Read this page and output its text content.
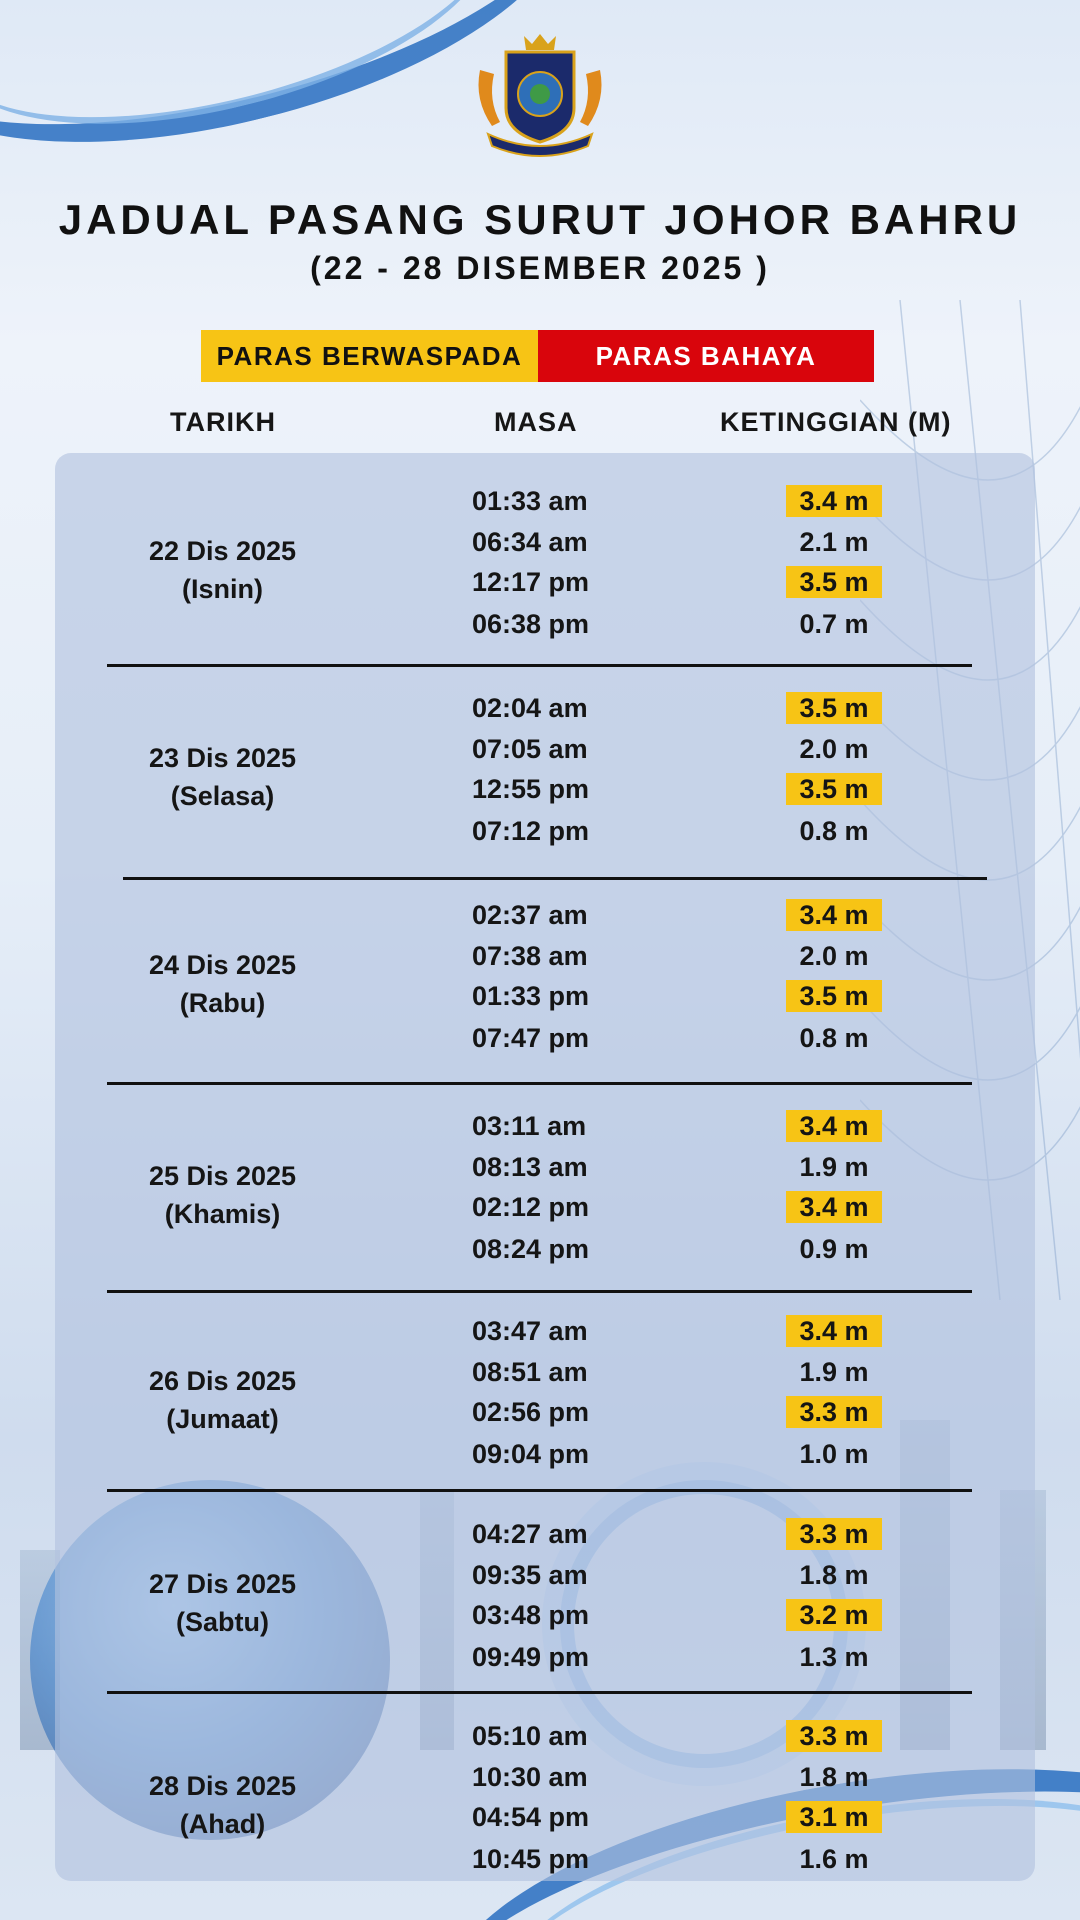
JADUAL PASANG SURUT JOHOR BAHRU
(22 - 28 DISEMBER 2025 )
PARAS BERWASPADA	PARAS BAHAYA
TARIKH	MASA	KETINGGIAN (M)
22 Dis 2025
(Isnin)
01:33 am	3.4 m
06:34 am	2.1 m
12:17 pm	3.5 m
06:38 pm	0.7 m
23 Dis 2025
(Selasa)
02:04 am	3.5 m
07:05 am	2.0 m
12:55 pm	3.5 m
07:12 pm	0.8 m
24 Dis 2025
(Rabu)
02:37 am	3.4 m
07:38 am	2.0 m
01:33 pm	3.5 m
07:47 pm	0.8 m
25 Dis 2025
(Khamis)
03:11 am	3.4 m
08:13 am	1.9 m
02:12 pm	3.4 m
08:24 pm	0.9 m
26 Dis 2025
(Jumaat)
03:47 am	3.4 m
08:51 am	1.9 m
02:56 pm	3.3 m
09:04 pm	1.0 m
27 Dis 2025
(Sabtu)
04:27 am	3.3 m
09:35 am	1.8 m
03:48 pm	3.2 m
09:49 pm	1.3 m
28 Dis 2025
(Ahad)
05:10 am	3.3 m
10:30 am	1.8 m
04:54 pm	3.1 m
10:45 pm	1.6 m
